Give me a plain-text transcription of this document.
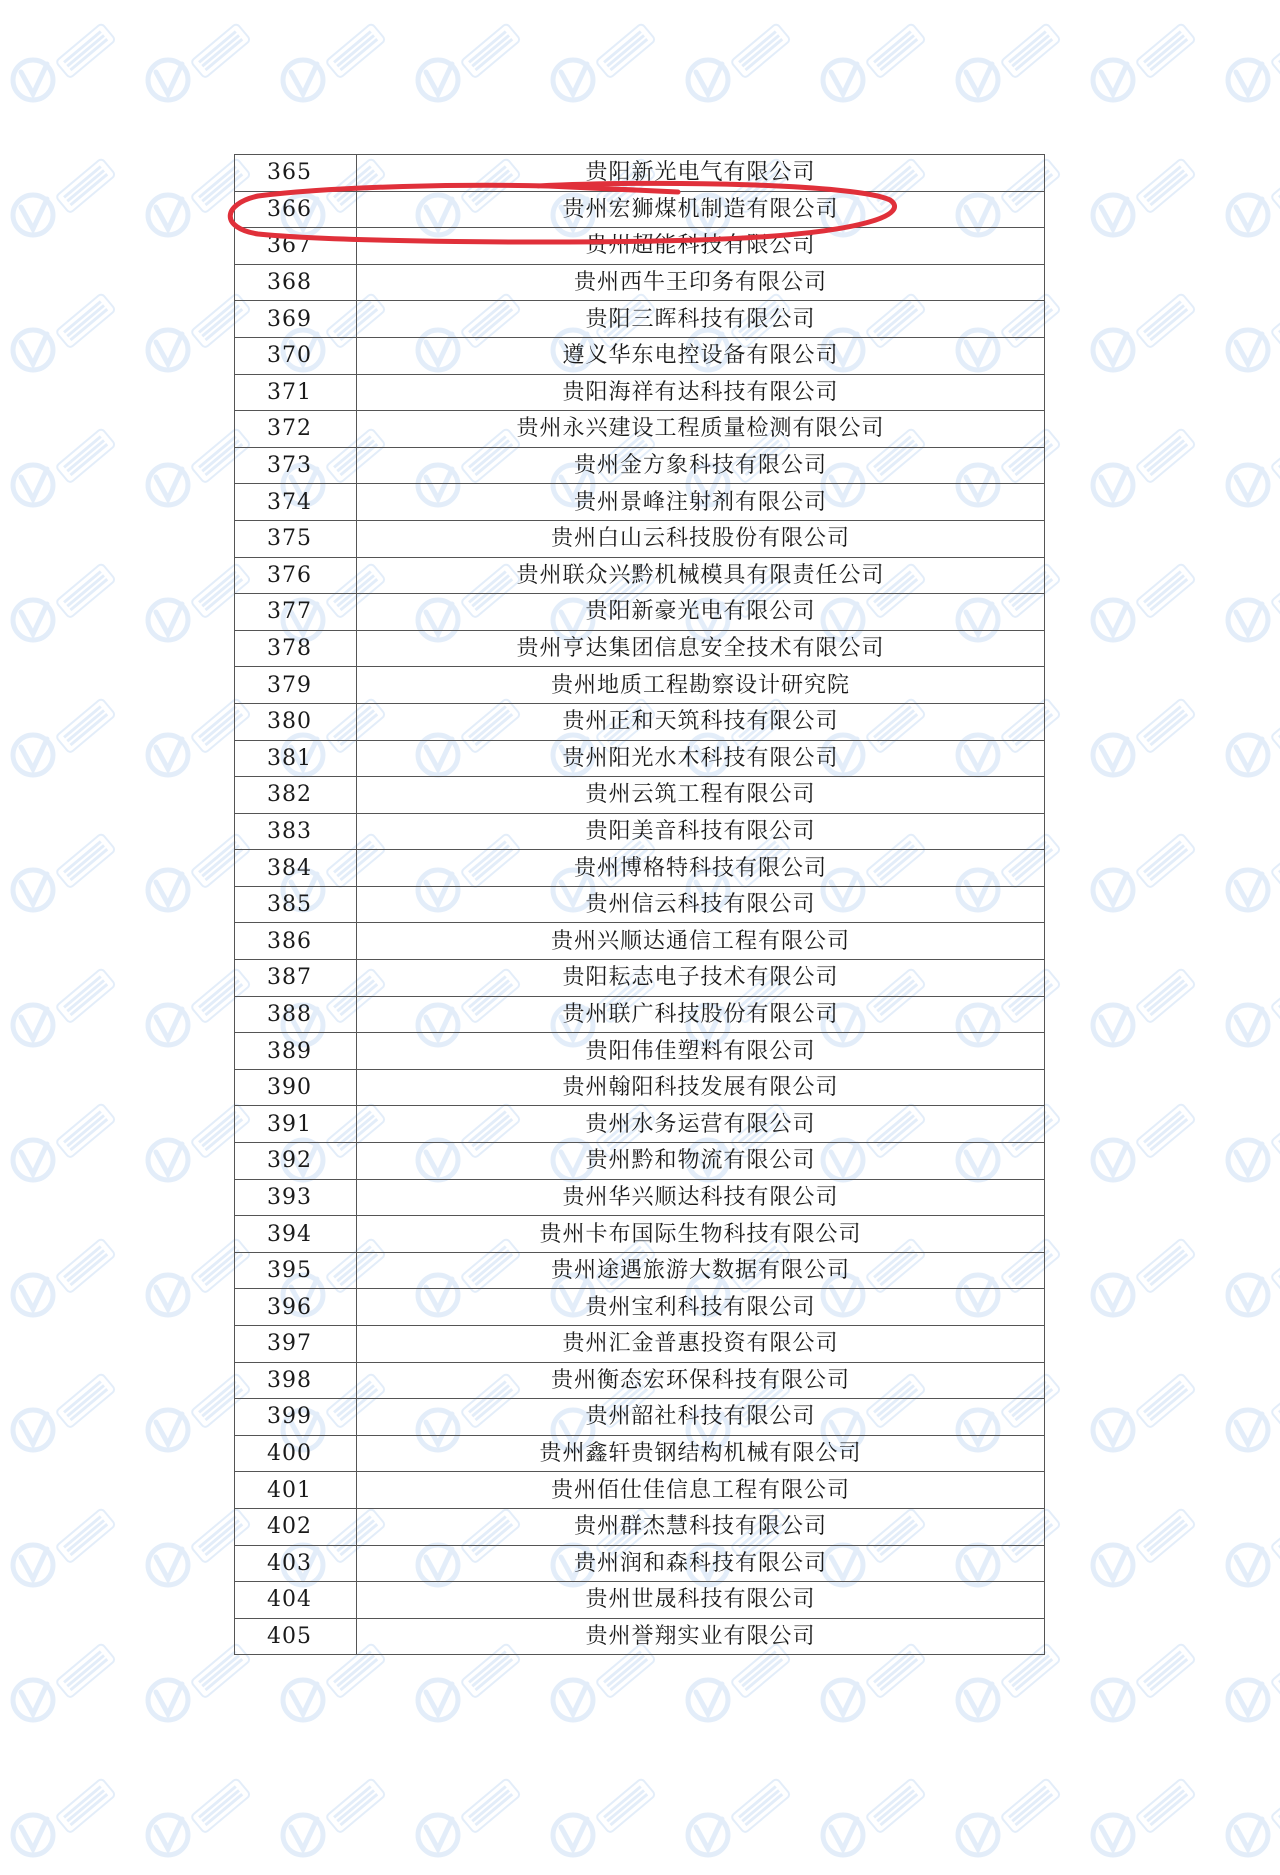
365	贵阳新光电气有限公司
366	贵州宏狮煤机制造有限公司
367	贵州超能科技有限公司
368	贵州西牛王印务有限公司
369	贵阳三晖科技有限公司
370	遵义华东电控设备有限公司
371	贵阳海祥有达科技有限公司
372	贵州永兴建设工程质量检测有限公司
373	贵州金方象科技有限公司
374	贵州景峰注射剂有限公司
375	贵州白山云科技股份有限公司
376	贵州联众兴黔机械模具有限责任公司
377	贵阳新豪光电有限公司
378	贵州亨达集团信息安全技术有限公司
379	贵州地质工程勘察设计研究院
380	贵州正和天筑科技有限公司
381	贵州阳光水木科技有限公司
382	贵州云筑工程有限公司
383	贵阳美音科技有限公司
384	贵州博格特科技有限公司
385	贵州信云科技有限公司
386	贵州兴顺达通信工程有限公司
387	贵阳耘志电子技术有限公司
388	贵州联广科技股份有限公司
389	贵阳伟佳塑料有限公司
390	贵州翰阳科技发展有限公司
391	贵州水务运营有限公司
392	贵州黔和物流有限公司
393	贵州华兴顺达科技有限公司
394	贵州卡布国际生物科技有限公司
395	贵州途遇旅游大数据有限公司
396	贵州宝利科技有限公司
397	贵州汇金普惠投资有限公司
398	贵州衡态宏环保科技有限公司
399	贵州韶社科技有限公司
400	贵州鑫轩贵钢结构机械有限公司
401	贵州佰仕佳信息工程有限公司
402	贵州群杰慧科技有限公司
403	贵州润和森科技有限公司
404	贵州世晟科技有限公司
405	贵州誉翔实业有限公司
